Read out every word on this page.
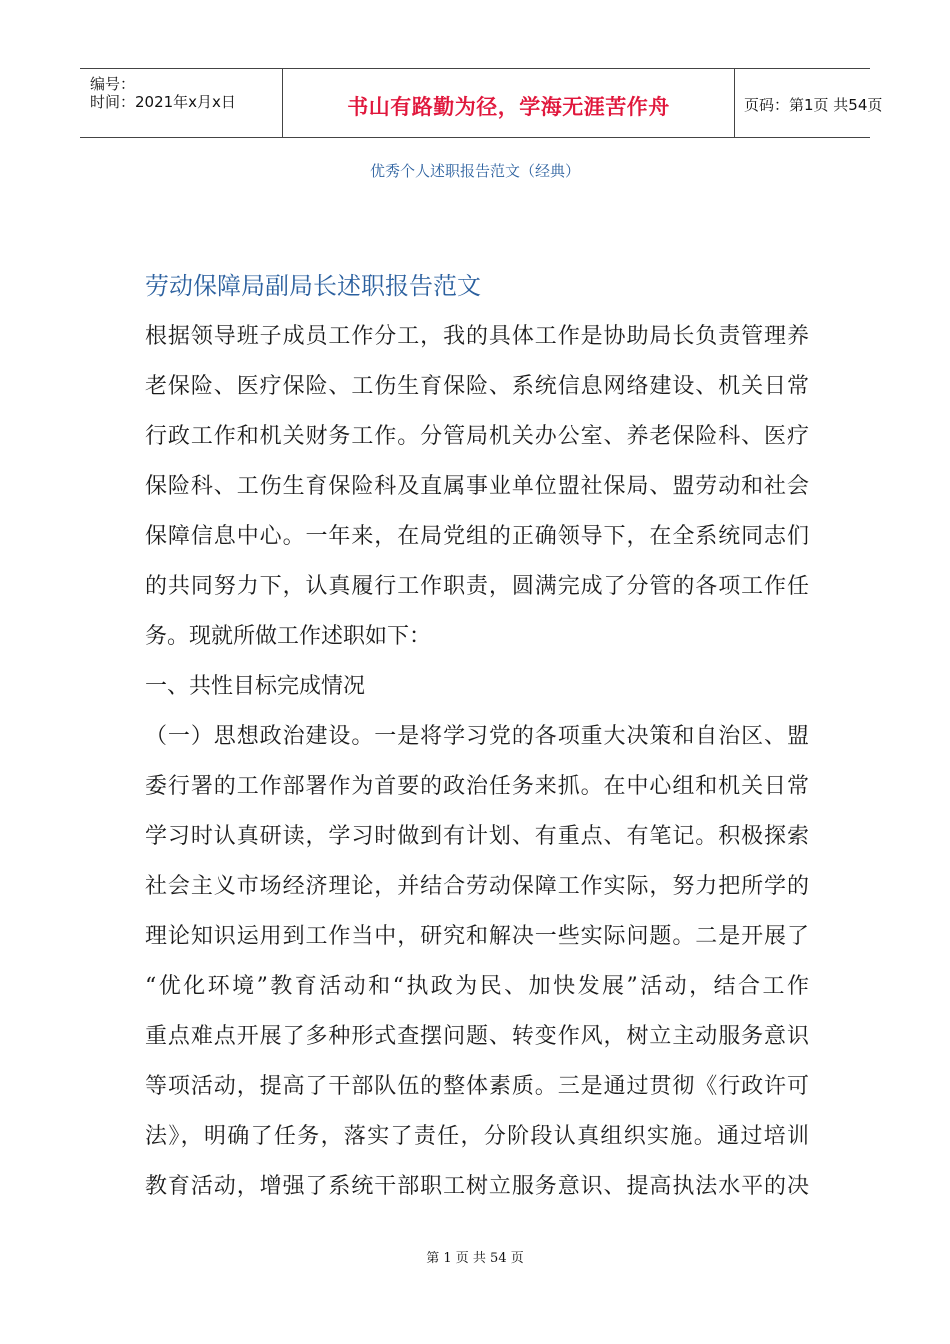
编号：
时间：2021年x月x日	书山有路勤为径，学海无涯苦作舟	页码：第1页 共54页
优秀个人述职报告范文（经典）
劳动保障局副局长述职报告范文
根据领导班子成员工作分工，我的具体工作是协助局长负责管理养
老保险、医疗保险、工伤生育保险、系统信息网络建设、机关日常
行政工作和机关财务工作。分管局机关办公室、养老保险科、医疗
保险科、工伤生育保险科及直属事业单位盟社保局、盟劳动和社会
保障信息中心。一年来，在局党组的正确领导下，在全系统同志们
的共同努力下，认真履行工作职责，圆满完成了分管的各项工作任
务。现就所做工作述职如下：
一、共性目标完成情况
（一）思想政治建设。一是将学习党的各项重大决策和自治区、盟
委行署的工作部署作为首要的政治任务来抓。在中心组和机关日常
学习时认真研读，学习时做到有计划、有重点、有笔记。积极探索
社会主义市场经济理论，并结合劳动保障工作实际，努力把所学的
理论知识运用到工作当中，研究和解决一些实际问题。二是开展了
“优化环境”教育活动和“执政为民、加快发展”活动，结合工作
重点难点开展了多种形式查摆问题、转变作风，树立主动服务意识
等项活动，提高了干部队伍的整体素质。三是通过贯彻《行政许可
法》，明确了任务，落实了责任，分阶段认真组织实施。通过培训
教育活动，增强了系统干部职工树立服务意识、提高执法水平的决
第 1 页 共 54 页
